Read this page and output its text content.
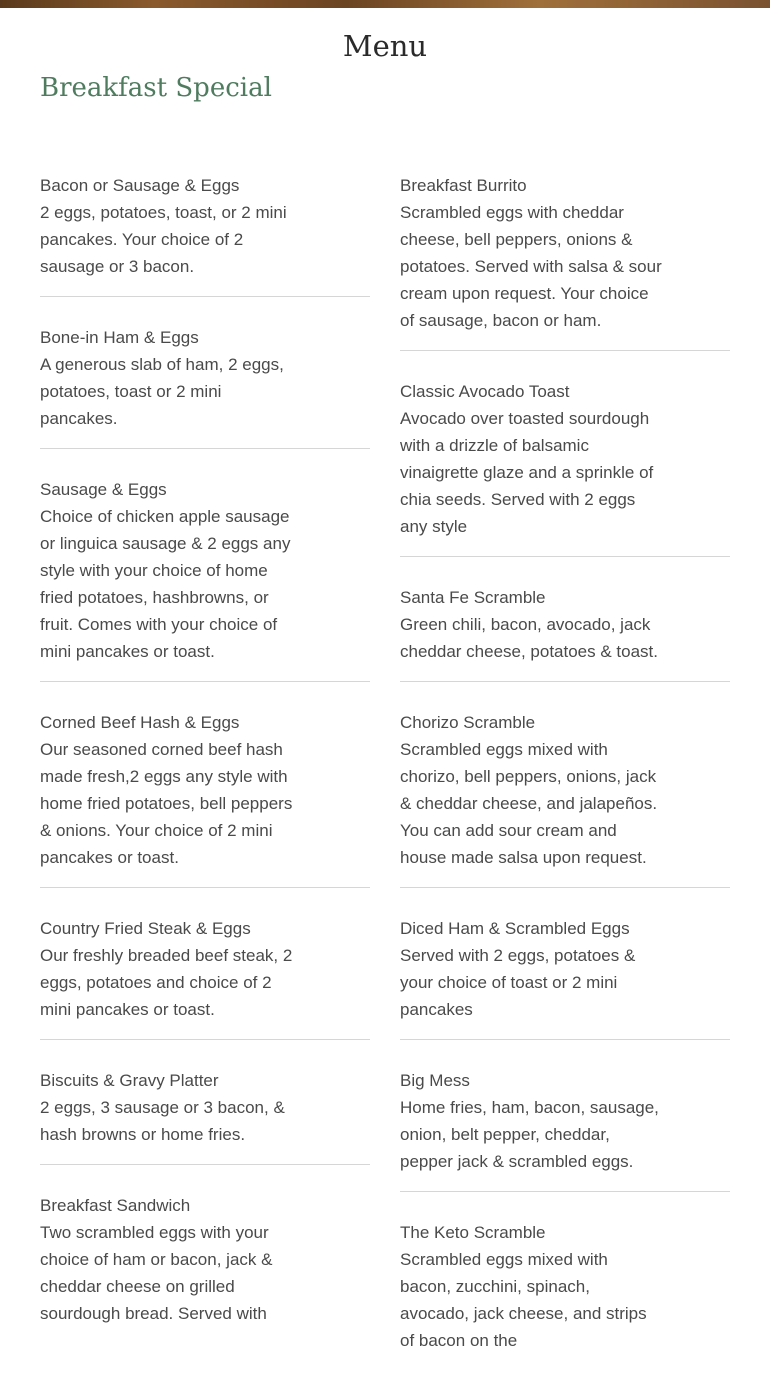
Menu
Breakfast Special

Bacon or Sausage & Eggs

2 eggs, potatoes, toast, or 2 mini pancakes. Your choice of 2 sausage or 3 bacon.

Bone-in Ham & Eggs

A generous slab of ham, 2 eggs, potatoes, toast or 2 mini pancakes.

Sausage & Eggs

Choice of chicken apple sausage or linguica sausage & 2 eggs any style with your choice of home fried potatoes, hashbrowns, or fruit. Comes with your choice of mini pancakes or toast.

Corned Beef Hash & Eggs

Our seasoned corned beef hash made fresh,2 eggs any style with home fried potatoes, bell peppers & onions. Your choice of 2 mini pancakes or toast.

Country Fried Steak & Eggs

Our freshly breaded beef steak, 2 eggs, potatoes and choice of 2 mini pancakes or toast.

Biscuits & Gravy Platter

2 eggs, 3 sausage or 3 bacon, & hash browns or home fries.

Breakfast Sandwich

Two scrambled eggs with your choice of ham or bacon, jack & cheddar cheese on grilled sourdough bread. Served with

Breakfast Burrito

Scrambled eggs with cheddar cheese, bell peppers, onions & potatoes. Served with salsa & sour cream upon request. Your choice of sausage, bacon or ham.

Classic Avocado Toast

Avocado over toasted sourdough with a drizzle of balsamic vinaigrette glaze and a sprinkle of chia seeds. Served with 2 eggs any style

Santa Fe Scramble

Green chili, bacon, avocado, jack cheddar cheese, potatoes & toast.

Chorizo Scramble

Scrambled eggs mixed with chorizo, bell peppers, onions, jack & cheddar cheese, and jalapeños. You can add sour cream and house made salsa upon request.

Diced Ham & Scrambled Eggs

Served with 2 eggs, potatoes & your choice of toast or 2 mini pancakes

Big Mess

Home fries, ham, bacon, sausage, onion, belt pepper, cheddar, pepper jack & scrambled eggs.

The Keto Scramble

Scrambled eggs mixed with bacon, zucchini, spinach, avocado, jack cheese, and strips of bacon on the
